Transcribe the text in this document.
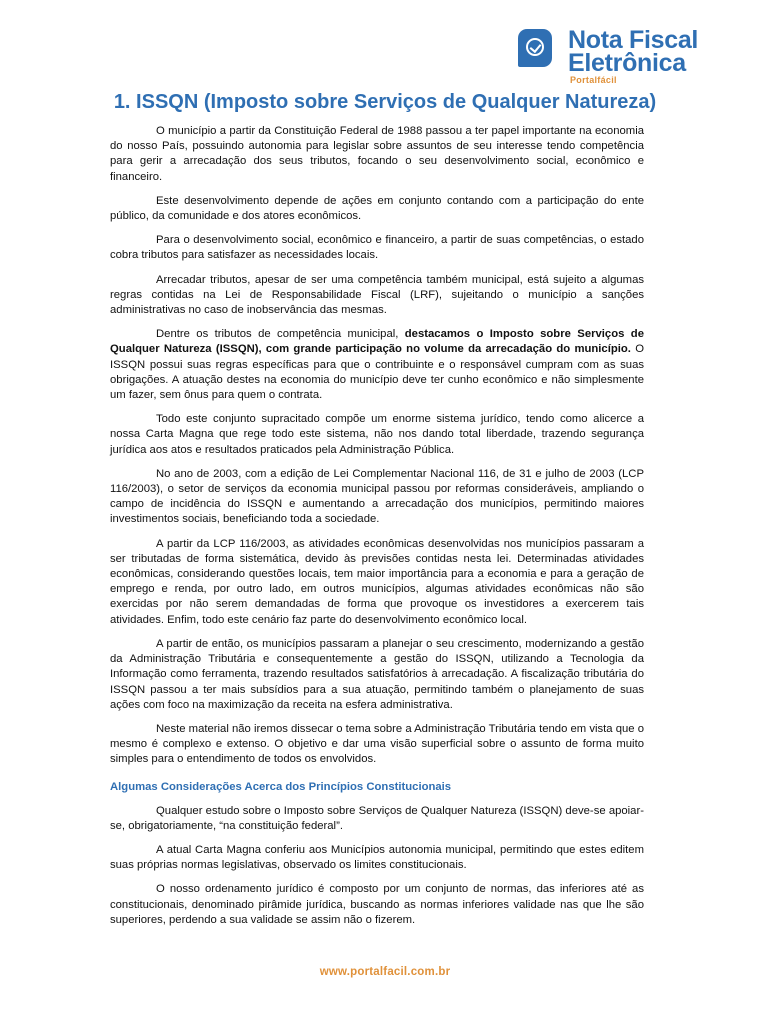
Nota Fiscal
Eletrônica
Portalfácil
1. ISSQN (Imposto sobre Serviços de Qualquer Natureza)

O município a partir da Constituição Federal de 1988 passou a ter papel importante na economia do nosso País, possuindo autonomia para legislar sobre assuntos de seu interesse tendo competência para gerir a arrecadação dos seus tributos, focando o seu desenvolvimento social, econômico e financeiro.

Este desenvolvimento depende de ações em conjunto contando com a participação do ente público, da comunidade e dos atores econômicos.

Para o desenvolvimento social, econômico e financeiro, a partir de suas competências, o estado cobra tributos para satisfazer as necessidades locais.

Arrecadar tributos, apesar de ser uma competência também municipal, está sujeito a algumas regras contidas na Lei de Responsabilidade Fiscal (LRF), sujeitando o município a sanções administrativas no caso de inobservância das mesmas.

Dentre os tributos de competência municipal, destacamos o Imposto sobre Serviços de Qualquer Natureza (ISSQN), com grande participação no volume da arrecadação do município. O ISSQN possui suas regras específicas para que o contribuinte e o responsável cumpram com as suas obrigações. A atuação destes na economia do município deve ter cunho econômico e não simplesmente um fazer, sem ônus para quem o contrata.

Todo este conjunto supracitado compõe um enorme sistema jurídico, tendo como alicerce a nossa Carta Magna que rege todo este sistema, não nos dando total liberdade, trazendo segurança jurídica aos atos e resultados praticados pela Administração Pública.

No ano de 2003, com a edição de Lei Complementar Nacional 116, de 31 e julho de 2003 (LCP 116/2003), o setor de serviços da economia municipal passou por reformas consideráveis, ampliando o campo de incidência do ISSQN e aumentando a arrecadação dos municípios, permitindo maiores investimentos sociais, beneficiando toda a sociedade.

A partir da LCP 116/2003, as atividades econômicas desenvolvidas nos municípios passaram a ser tributadas de forma sistemática, devido às previsões contidas nesta lei. Determinadas atividades econômicas, considerando questões locais, tem maior importância para a economia e para a geração de emprego e renda, por outro lado, em outros municípios, algumas atividades econômicas não são exercidas por não serem demandadas de forma que provoque os investidores a exercerem tais atividades. Enfim, todo este cenário faz parte do desenvolvimento econômico local.

A partir de então, os municípios passaram a planejar o seu crescimento, modernizando a gestão da Administração Tributária e consequentemente a gestão do ISSQN, utilizando a Tecnologia da Informação como ferramenta, trazendo resultados satisfatórios à arrecadação. A fiscalização tributária do ISSQN passou a ter mais subsídios para a sua atuação, permitindo também o planejamento de suas ações com foco na maximização da receita na esfera administrativa.

Neste material não iremos dissecar o tema sobre a Administração Tributária tendo em vista que o mesmo é complexo e extenso. O objetivo e dar uma visão superficial sobre o assunto de forma muito simples para o entendimento de todos os envolvidos.

Algumas Considerações Acerca dos Princípios Constitucionais

Qualquer estudo sobre o Imposto sobre Serviços de Qualquer Natureza (ISSQN) deve-se apoiar-se, obrigatoriamente, “na constituição federal”.

A atual Carta Magna conferiu aos Municípios autonomia municipal, permitindo que estes editem suas próprias normas legislativas, observado os limites constitucionais.

O nosso ordenamento jurídico é composto por um conjunto de normas, das inferiores até as constitucionais, denominado pirâmide jurídica, buscando as normas inferiores validade nas que lhe são superiores, perdendo a sua validade se assim não o fizerem.

www.portalfacil.com.br
